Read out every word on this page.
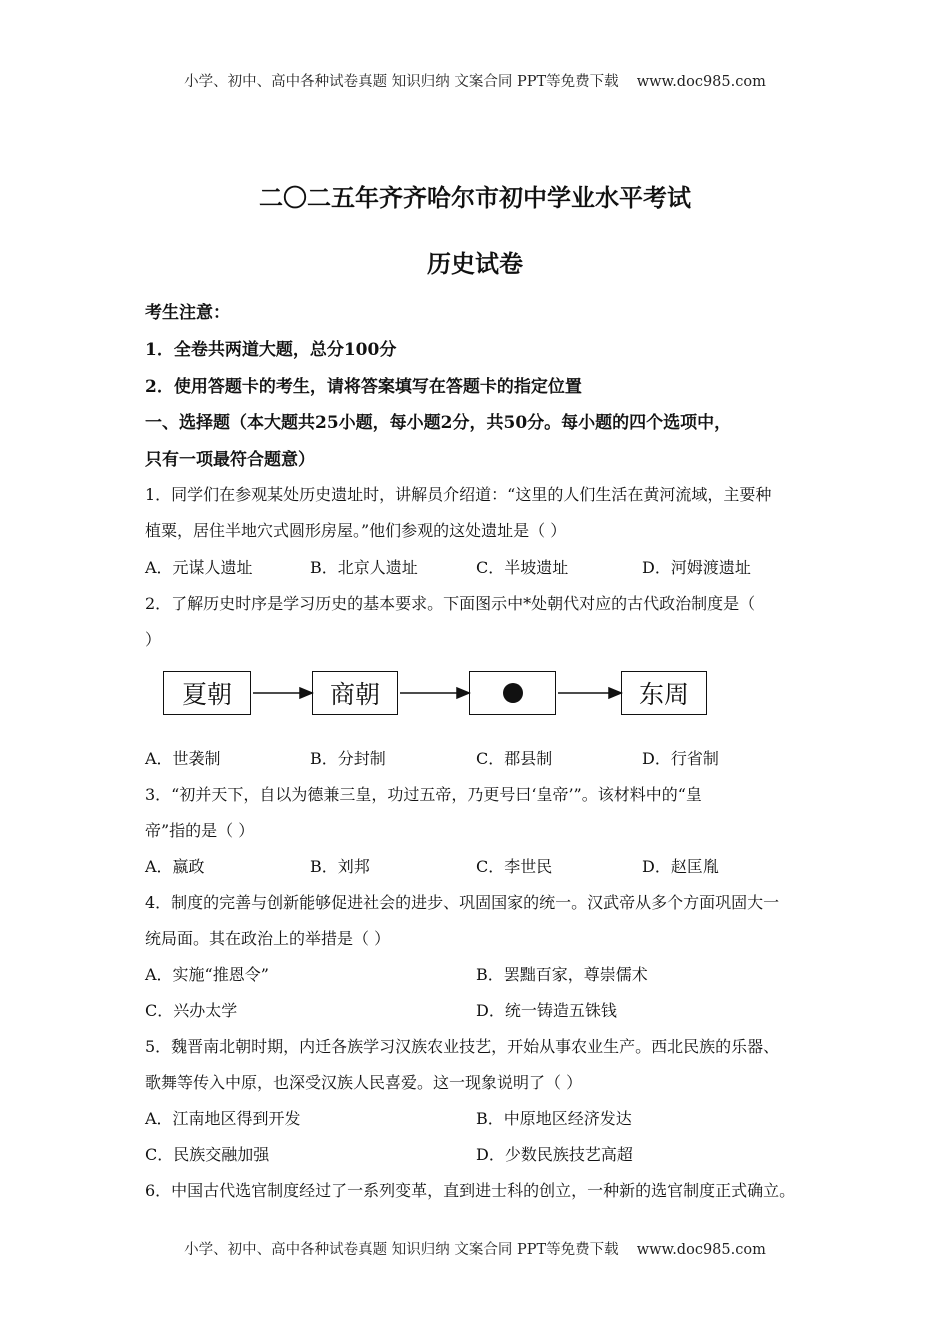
小学、初中、高中各种试卷真题 知识归纳 文案合同 PPT等免费下载 www.doc985.com
二〇二五年齐齐哈尔市初中学业水平考试
历史试卷
考生注意：
1．全卷共两道大题，总分100分
2．使用答题卡的考生，请将答案填写在答题卡的指定位置
一、选择题（本大题共25小题，每小题2分，共50分。每小题的四个选项中，
只有一项最符合题意）
1．同学们在参观某处历史遗址时，讲解员介绍道：“这里的人们生活在黄河流域，主要种
植粟，居住半地穴式圆形房屋。”他们参观的这处遗址是（ ）
A．元谋人遗址	B．北京人遗址	C．半坡遗址	D．河姆渡遗址
2．了解历史时序是学习历史的基本要求。下面图示中*处朝代对应的古代政治制度是（
）
夏朝	商朝	东周
A．世袭制	B．分封制	C．郡县制	D．行省制
3．“初并天下，自以为德兼三皇，功过五帝，乃更号曰‘皇帝’”。该材料中的“皇
帝”指的是（ ）
A．嬴政	B．刘邦	C．李世民	D．赵匡胤
4．制度的完善与创新能够促进社会的进步、巩固国家的统一。汉武帝从多个方面巩固大一
统局面。其在政治上的举措是（ ）
A．实施“推恩令”	B．罢黜百家，尊崇儒术
C．兴办太学	D．统一铸造五铢钱
5．魏晋南北朝时期，内迁各族学习汉族农业技艺，开始从事农业生产。西北民族的乐器、
歌舞等传入中原，也深受汉族人民喜爱。这一现象说明了（ ）
A．江南地区得到开发	B．中原地区经济发达
C．民族交融加强	D．少数民族技艺高超
6．中国古代选官制度经过了一系列变革，直到进士科的创立，一种新的选官制度正式确立。
小学、初中、高中各种试卷真题 知识归纳 文案合同 PPT等免费下载 www.doc985.com
